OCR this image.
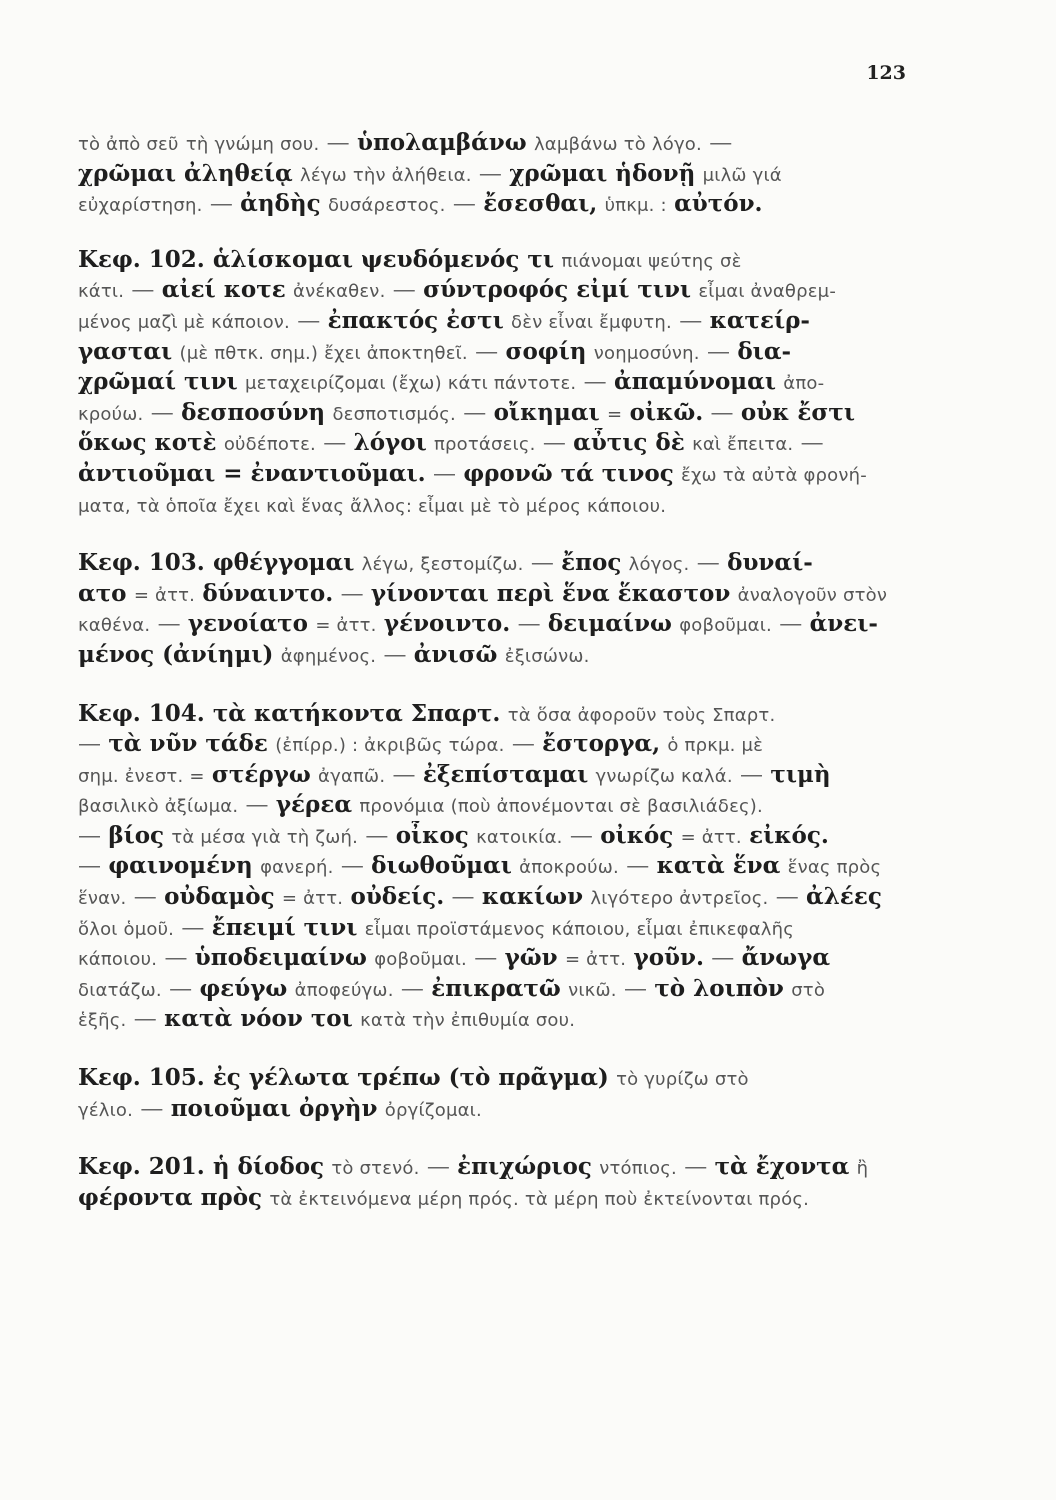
123
τὸ ἀπὸ σεῦ τὴ γνώμη σου. — ὑπολαμβάνω λαμβάνω τὸ λόγο. —
χρῶμαι ἀληθείᾳ λέγω τὴν ἀλήθεια. — χρῶμαι ἡδονῇ μιλῶ γιά
εὐχαρίστηση. — ἀηδὴς δυσάρεστος. — ἔσεσθαι, ὑπκμ. : αὐτόν.
Κεφ. 102. ἁλίσκομαι ψευδόμενός τι πιάνομαι ψεύτης σὲ
κάτι. — αἰεί κοτε ἀνέκαθεν. — σύντροφός εἰμί τινι εἶμαι ἀναθρεμ-
μένος μαζὶ μὲ κάποιον. — ἐπακτός ἐστι δὲν εἶναι ἔμφυτη. — κατείρ-
γασται (μὲ πθτκ. σημ.) ἔχει ἀποκτηθεῖ. — σοφίη νοημοσύνη. — δια-
χρῶμαί τινι μεταχειρίζομαι (ἔχω) κάτι πάντοτε. — ἀπαμύνομαι ἀπο-
κρούω. — δεσποσύνη δεσποτισμός. — οἴκημαι = οἰκῶ. — οὐκ ἔστι
ὅκως κοτὲ οὐδέποτε. — λόγοι προτάσεις. — αὖτις δὲ καὶ ἔπειτα. —
ἀντιοῦμαι = ἐναντιοῦμαι. — φρονῶ τά τινος ἔχω τὰ αὐτὰ φρονή-
ματα, τὰ ὁποῖα ἔχει καὶ ἕνας ἄλλος: εἶμαι μὲ τὸ μέρος κάποιου.
Κεφ. 103. φθέγγομαι λέγω, ξεστομίζω. — ἔπος λόγος. — δυναί-
ατο = ἀττ. δύναιντο. — γίνονται περὶ ἕνα ἕκαστον ἀναλογοῦν στὸν
καθένα. — γενοίατο = ἀττ. γένοιντο. — δειμαίνω φοβοῦμαι. — ἀνει-
μένος (ἀνίημι) ἀφημένος. — ἀνισῶ ἐξισώνω.
Κεφ. 104. τὰ κατήκοντα Σπαρτ. τὰ ὅσα ἀφοροῦν τοὺς Σπαρτ.
— τὰ νῦν τάδε (ἐπίρρ.) : ἀκριβῶς τώρα. — ἔστοργα, ὁ πρκμ. μὲ
σημ. ἐνεστ. = στέργω ἀγαπῶ. — ἐξεπίσταμαι γνωρίζω καλά. — τιμὴ
βασιλικὸ ἀξίωμα. — γέρεα προνόμια (ποὺ ἀπονέμονται σὲ βασιλιάδες).
— βίος τὰ μέσα γιὰ τὴ ζωή. — οἶκος κατοικία. — οἰκός = ἀττ. εἰκός.
— φαινομένη φανερή. — διωθοῦμαι ἀποκρούω. — κατὰ ἕνα ἕνας πρὸς
ἕναν. — οὐδαμὸς = ἀττ. οὐδείς. — κακίων λιγότερο ἀντρεῖος. — ἀλέες
ὅλοι ὁμοῦ. — ἔπειμί τινι εἶμαι προϊστάμενος κάποιου, εἶμαι ἐπικεφαλῆς
κάποιου. — ὑποδειμαίνω φοβοῦμαι. — γῶν = ἀττ. γοῦν. — ἄνωγα
διατάζω. — φεύγω ἀποφεύγω. — ἐπικρατῶ νικῶ. — τὸ λοιπὸν στὸ
ἑξῆς. — κατὰ νόον τοι κατὰ τὴν ἐπιθυμία σου.
Κεφ. 105. ἐς γέλωτα τρέπω (τὸ πρᾶγμα) τὸ γυρίζω στὸ
γέλιο. — ποιοῦμαι ὀργὴν ὀργίζομαι.
Κεφ. 201. ἡ δίοδος τὸ στενό. — ἐπιχώριος ντόπιος. — τὰ ἔχοντα ἢ
φέροντα πρὸς τὰ ἐκτεινόμενα μέρη πρός. τὰ μέρη ποὺ ἐκτείνονται πρός.
